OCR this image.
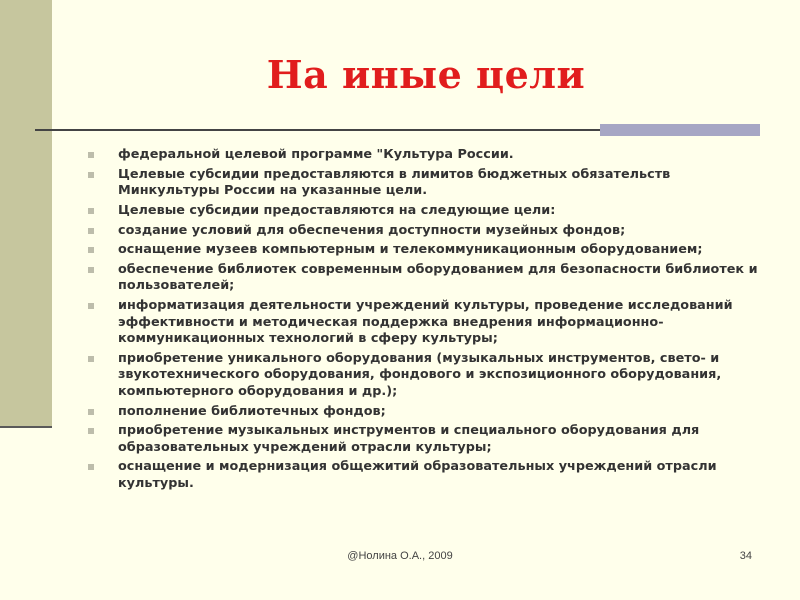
На иные цели
федеральной целевой программе "Культура России.
Целевые субсидии предоставляются в лимитов бюджетных обязательств Минкультуры России на указанные цели.
Целевые субсидии предоставляются на следующие цели:
создание условий для обеспечения доступности музейных фондов;
оснащение музеев компьютерным и телекоммуникационным оборудованием;
обеспечение библиотек современным оборудованием для безопасности библиотек и пользователей;
информатизация деятельности учреждений культуры, проведение исследований эффективности и методическая поддержка внедрения информационно-коммуникационных технологий в сферу культуры;
приобретение уникального оборудования (музыкальных инструментов, свето- и звукотехнического оборудования, фондового и экспозиционного оборудования, компьютерного оборудования и др.);
пополнение библиотечных фондов;
приобретение музыкальных инструментов и специального оборудования для образовательных учреждений отрасли культуры;
оснащение и модернизация общежитий образовательных учреждений отрасли культуры.
@Нолина О.А., 2009	34
